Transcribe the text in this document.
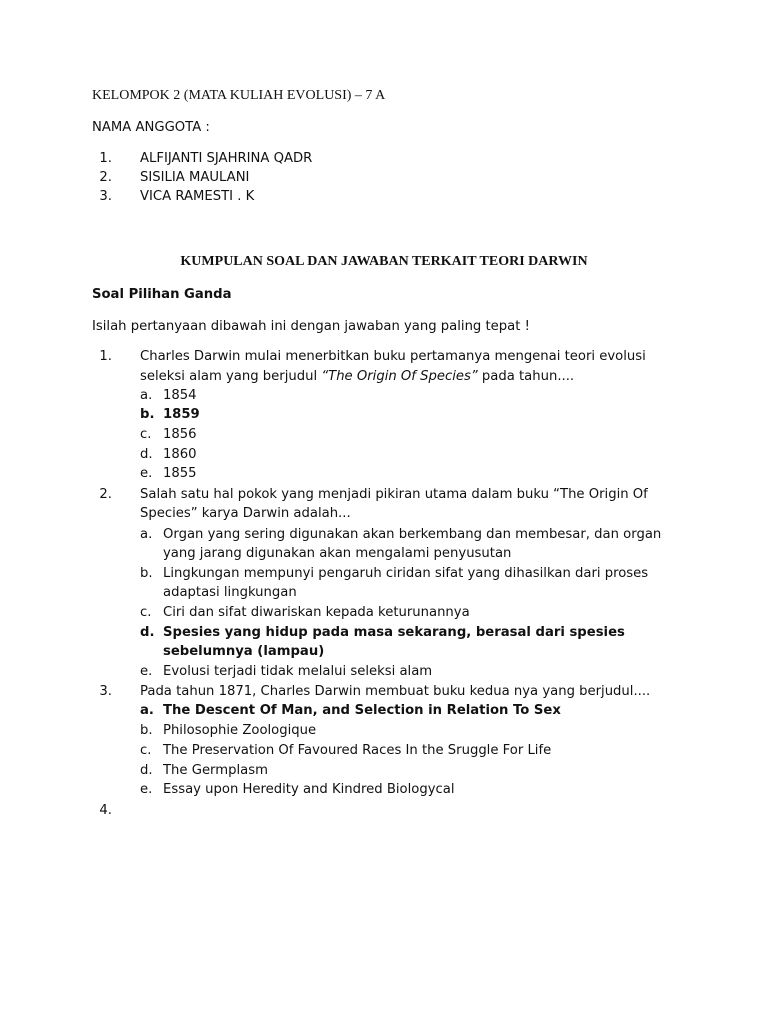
KELOMPOK 2 (MATA KULIAH EVOLUSI) – 7 A
NAMA ANGGOTA :
1. ALFIJANTI SJAHRINA QADR
2. SISILIA MAULANI
3. VICA RAMESTI . K
KUMPULAN SOAL DAN JAWABAN TERKAIT TEORI DARWIN
Soal Pilihan Ganda
Isilah pertanyaan dibawah ini dengan jawaban yang paling tepat !
1. Charles Darwin mulai menerbitkan buku pertamanya mengenai teori evolusi
seleksi alam yang berjudul “The Origin Of Species” pada tahun....
a. 1854
b. 1859
c. 1856
d. 1860
e. 1855
2. Salah satu hal pokok yang menjadi pikiran utama dalam buku “The Origin Of
Species” karya Darwin adalah...
a. Organ yang sering digunakan akan berkembang dan membesar, dan organ
yang jarang digunakan akan mengalami penyusutan
b. Lingkungan mempunyi pengaruh ciridan sifat yang dihasilkan dari proses
adaptasi lingkungan
c. Ciri dan sifat diwariskan kepada keturunannya
d. Spesies yang hidup pada masa sekarang, berasal dari spesies
sebelumnya (lampau)
e. Evolusi terjadi tidak melalui seleksi alam
3. Pada tahun 1871, Charles Darwin membuat buku kedua nya yang berjudul....
a. The Descent Of Man, and Selection in Relation To Sex
b. Philosophie Zoologique
c. The Preservation Of Favoured Races In the Sruggle For Life
d. The Germplasm
e. Essay upon Heredity and Kindred Biologycal
4.
